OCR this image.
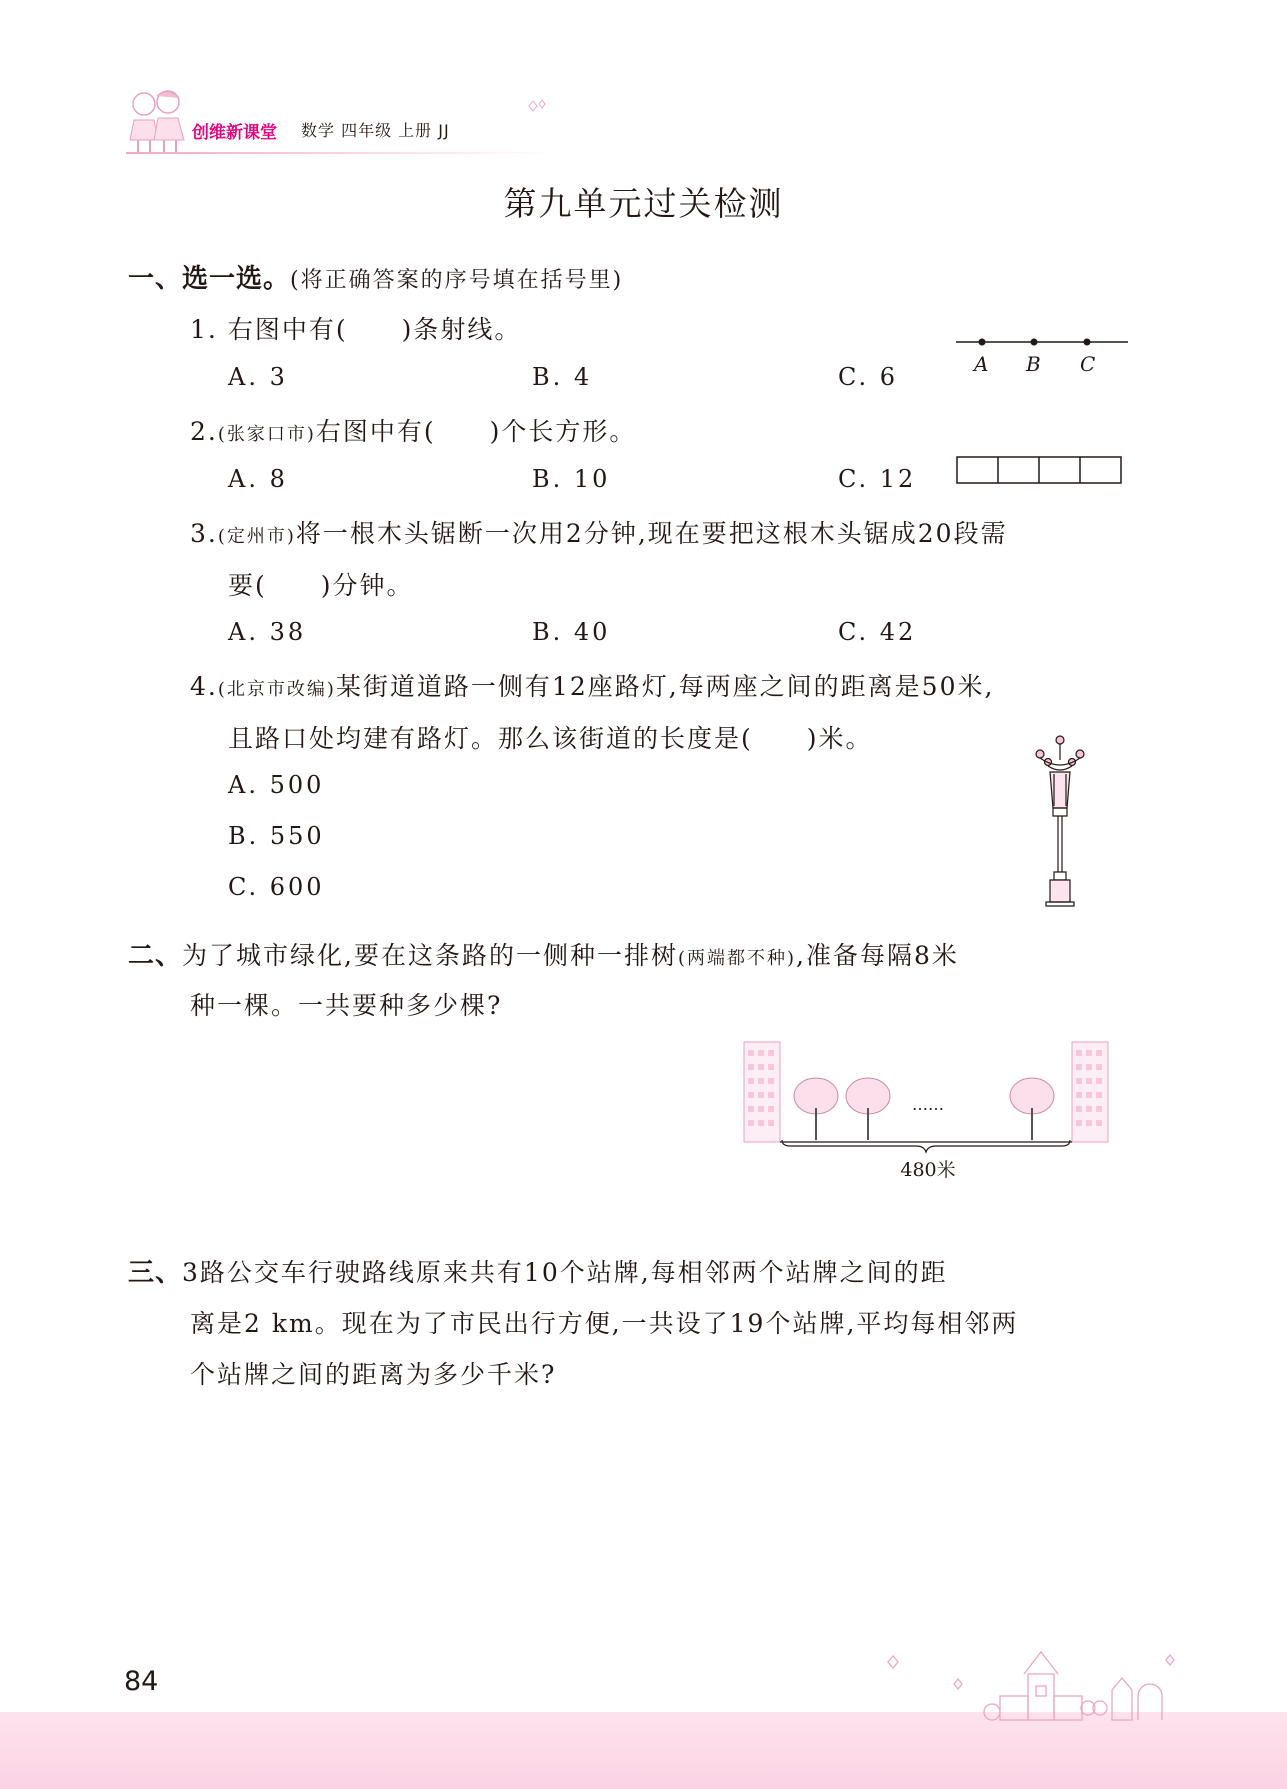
创维新课堂 数学 四年级 上册 JJ
第九单元过关检测
一、选一选。(将正确答案的序号填在括号里)
1. 右图中有(　　)条射线。
A. 3	B. 4	C. 6	A B C
2.(张家口市)右图中有(　　)个长方形。
A. 8	B. 10	C. 12
3.(定州市)将一根木头锯断一次用2分钟,现在要把这根木头锯成20段需
要(　　)分钟。
A. 38	B. 40	C. 42
4.(北京市改编)某街道道路一侧有12座路灯,每两座之间的距离是50米,
且路口处均建有路灯。那么该街道的长度是(　　)米。
A. 500
B. 550
C. 600
二、为了城市绿化,要在这条路的一侧种一排树(两端都不种),准备每隔8米
种一棵。一共要种多少棵?
……
480米
三、3路公交车行驶路线原来共有10个站牌,每相邻两个站牌之间的距
离是2 km。现在为了市民出行方便,一共设了19个站牌,平均每相邻两
个站牌之间的距离为多少千米?
84
